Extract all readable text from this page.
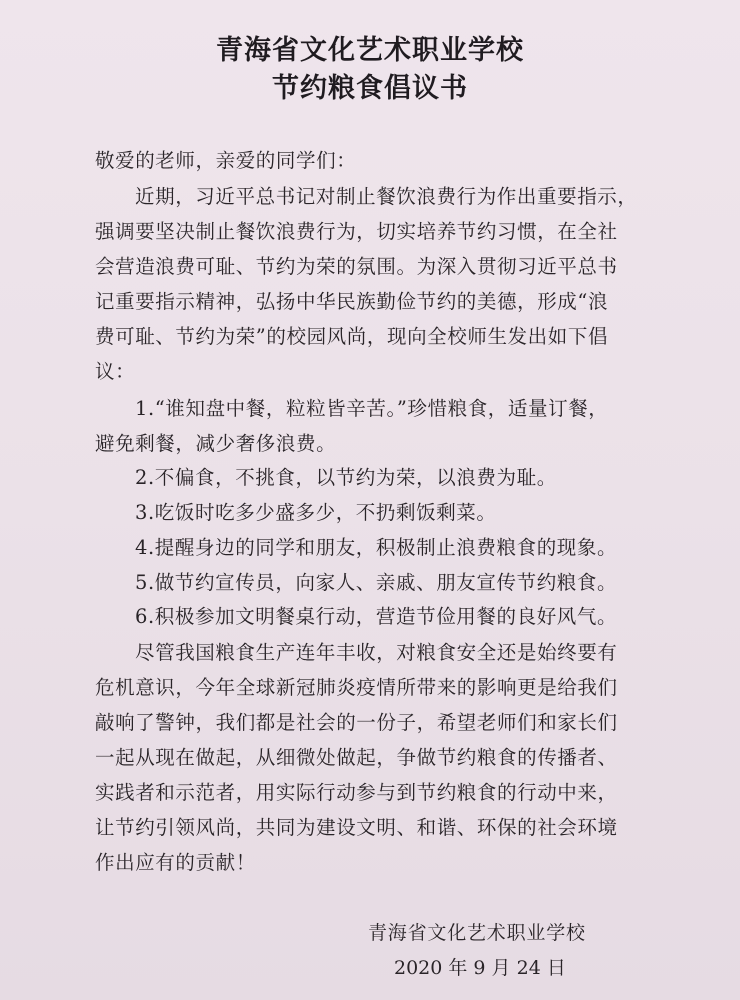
青海省文化艺术职业学校
节约粮食倡议书
敬爱的老师，亲爱的同学们：
近期，习近平总书记对制止餐饮浪费行为作出重要指示，
强调要坚决制止餐饮浪费行为，切实培养节约习惯，在全社
会营造浪费可耻、节约为荣的氛围。为深入贯彻习近平总书
记重要指示精神，弘扬中华民族勤俭节约的美德，形成“浪
费可耻、节约为荣”的校园风尚，现向全校师生发出如下倡
议：
1.“谁知盘中餐，粒粒皆辛苦。”珍惜粮食，适量订餐，
避免剩餐，减少奢侈浪费。
2.不偏食，不挑食，以节约为荣，以浪费为耻。
3.吃饭时吃多少盛多少，不扔剩饭剩菜。
4.提醒身边的同学和朋友，积极制止浪费粮食的现象。
5.做节约宣传员，向家人、亲戚、朋友宣传节约粮食。
6.积极参加文明餐桌行动，营造节俭用餐的良好风气。
尽管我国粮食生产连年丰收，对粮食安全还是始终要有
危机意识，今年全球新冠肺炎疫情所带来的影响更是给我们
敲响了警钟，我们都是社会的一份子，希望老师们和家长们
一起从现在做起，从细微处做起，争做节约粮食的传播者、
实践者和示范者，用实际行动参与到节约粮食的行动中来，
让节约引领风尚，共同为建设文明、和谐、环保的社会环境
作出应有的贡献！
青海省文化艺术职业学校
2020 年 9 月 24 日
